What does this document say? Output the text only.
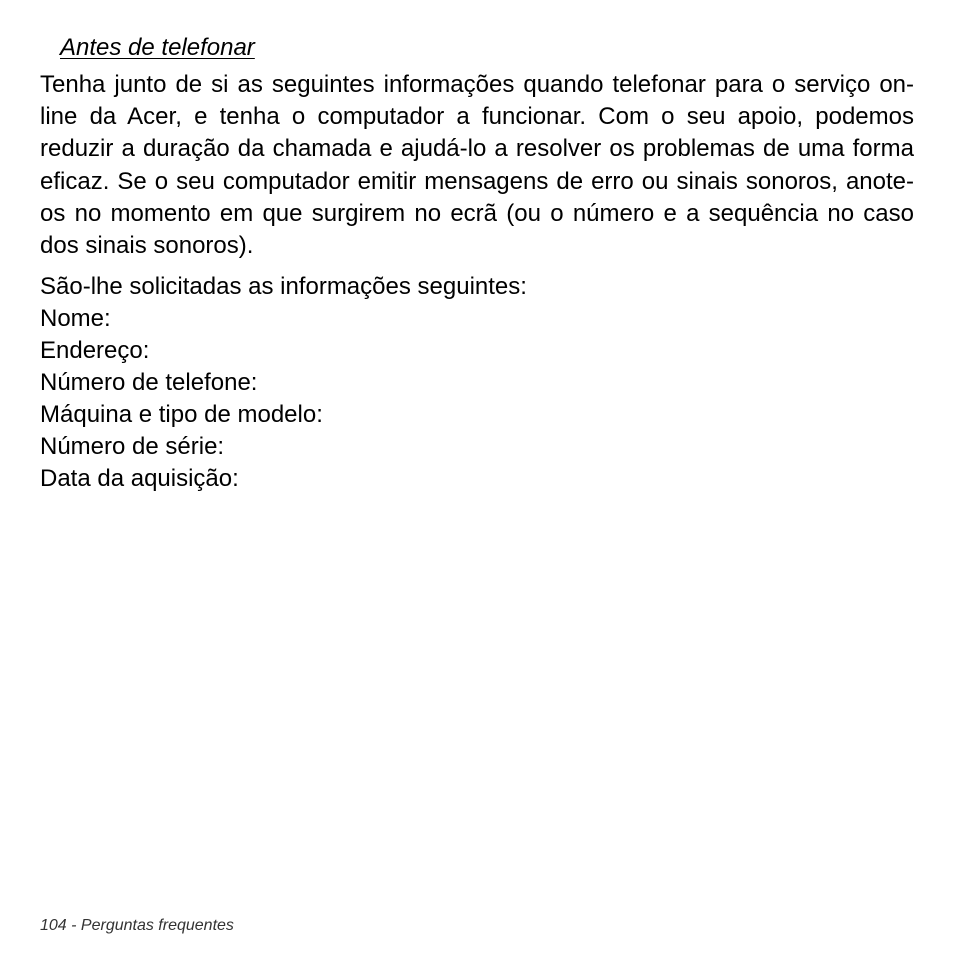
Antes de telefonar

Tenha junto de si as seguintes informações quando telefonar para o serviço on-line da Acer, e tenha o computador a funcionar. Com o seu apoio, podemos reduzir a duração da chamada e ajudá-lo a resolver os problemas de uma forma eficaz. Se o seu computador emitir mensagens de erro ou sinais sonoros, anote-os no momento em que surgirem no ecrã (ou o número e a sequência no caso dos sinais sonoros).

São-lhe solicitadas as informações seguintes:

Nome:
Endereço:
Número de telefone:
Máquina e tipo de modelo:
Número de série:
Data da aquisição:
104 - Perguntas frequentes
